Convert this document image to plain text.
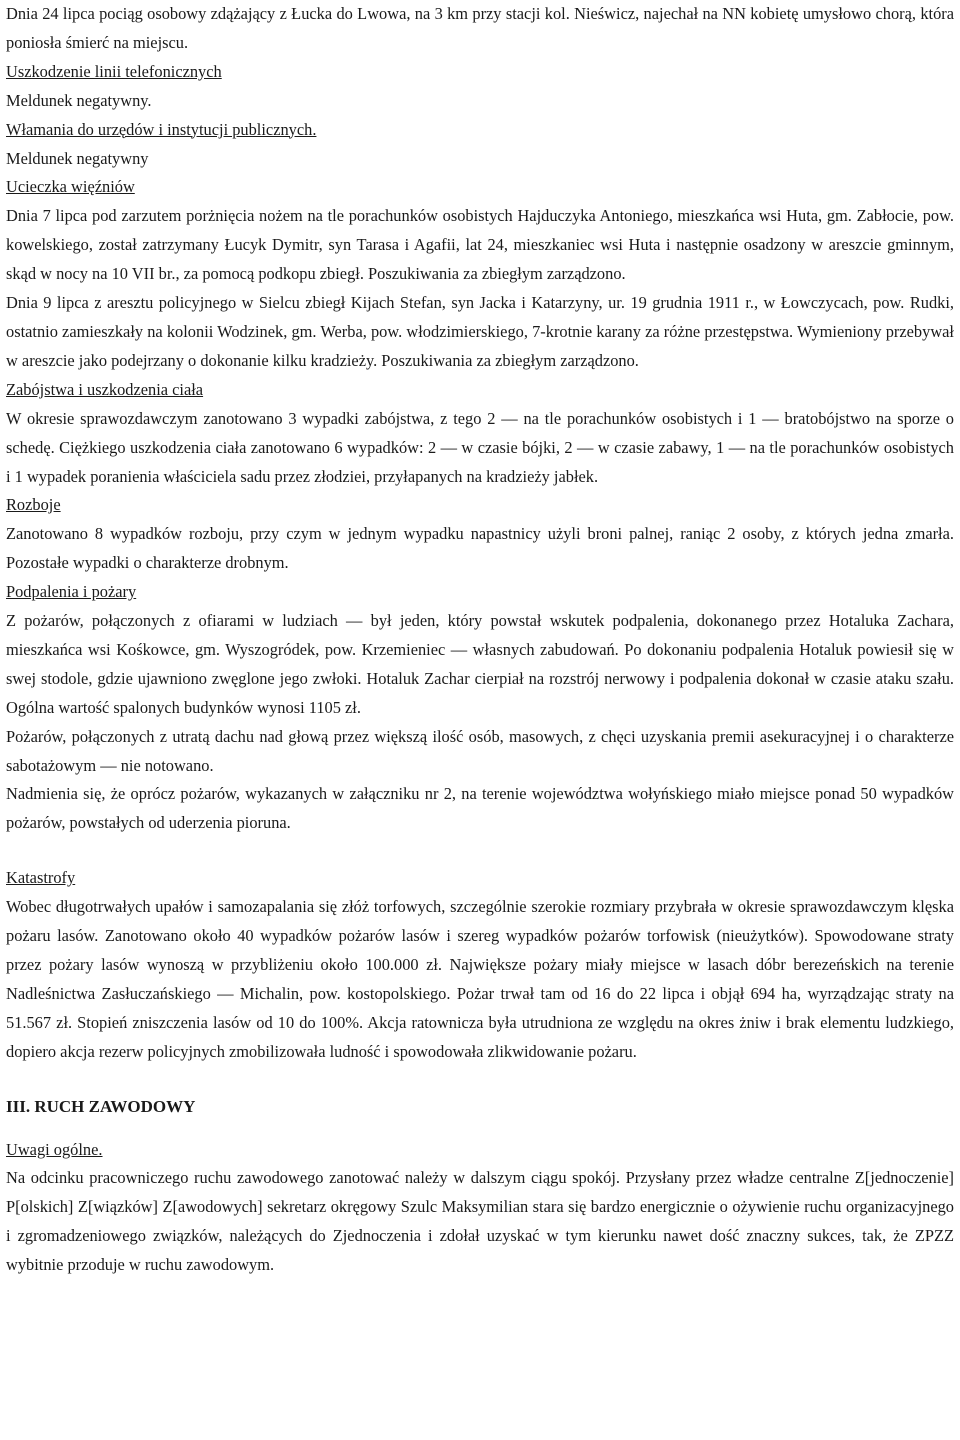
Dnia 24 lipca pociąg osobowy zdążający z Łucka do Lwowa, na 3 km przy stacji kol. Nieświcz, najechał na NN kobietę umysłowo chorą, która poniosła śmierć na miejscu.

Uszkodzenie linii telefonicznych
Meldunek negatywny.
Włamania do urzędów i instytucji publicznych.
Meldunek negatywny
Ucieczka więźniów

Dnia 7 lipca pod zarzutem porżnięcia nożem na tle porachunków osobistych Hajduczyka Antoniego, mieszkańca wsi Huta, gm. Zabłocie, pow. kowelskiego, został zatrzymany Łucyk Dymitr, syn Tarasa i Agafii, lat 24, mieszkaniec wsi Huta i następnie osadzony w areszcie gminnym, skąd w nocy na 10 VII br., za pomocą podkopu zbiegł. Poszukiwania za zbiegłym zarządzono.

Dnia 9 lipca z aresztu policyjnego w Sielcu zbiegł Kijach Stefan, syn Jacka i Katarzyny, ur. 19 grudnia 1911 r., w Łowczycach, pow. Rudki, ostatnio zamieszkały na kolonii Wodzinek, gm. Werba, pow. włodzimierskiego, 7-krotnie karany za różne przestępstwa. Wymieniony przebywał w areszcie jako podejrzany o dokonanie kilku kradzieży. Poszukiwania za zbiegłym zarządzono.

Zabójstwa i uszkodzenia ciała

W okresie sprawozdawczym zanotowano 3 wypadki zabójstwa, z tego 2 — na tle porachunków osobistych i 1 — bratobójstwo na sporze o schedę. Ciężkiego uszkodzenia ciała zanotowano 6 wypadków: 2 — w czasie bójki, 2 — w czasie zabawy, 1 — na tle porachunków osobistych i 1 wypadek poranienia właściciela sadu przez złodziei, przyłapanych na kradzieży jabłek.

Rozboje

Zanotowano 8 wypadków rozboju, przy czym w jednym wypadku napastnicy użyli broni palnej, raniąc 2 osoby, z których jedna zmarła. Pozostałe wypadki o charakterze drobnym.

Podpalenia i pożary

Z pożarów, połączonych z ofiarami w ludziach — był jeden, który powstał wskutek podpalenia, dokonanego przez Hotaluka Zachara, mieszkańca wsi Kośkowce, gm. Wyszogródek, pow. Krzemieniec — własnych zabudowań. Po dokonaniu podpalenia Hotaluk powiesił się w swej stodole, gdzie ujawniono zwęglone jego zwłoki. Hotaluk Zachar cierpiał na rozstrój nerwowy i podpalenia dokonał w czasie ataku szału. Ogólna wartość spalonych budynków wynosi 1105 zł.

Pożarów, połączonych z utratą dachu nad głową przez większą ilość osób, masowych, z chęci uzyskania premii asekuracyjnej i o charakterze sabotażowym — nie notowano.

Nadmienia się, że oprócz pożarów, wykazanych w załączniku nr 2, na terenie województwa wołyńskiego miało miejsce ponad 50 wypadków pożarów, powstałych od uderzenia pioruna.

Katastrofy

Wobec długotrwałych upałów i samozapalania się złóż torfowych, szczególnie szerokie rozmiary przybrała w okresie sprawozdawczym klęska pożaru lasów. Zanotowano około 40 wypadków pożarów lasów i szereg wypadków pożarów torfowisk (nieużytków). Spowodowane straty przez pożary lasów wynoszą w przybliżeniu około 100.000 zł. Największe pożary miały miejsce w lasach dóbr berezeńskich na terenie Nadleśnictwa Zasłuczańskiego — Michalin, pow. kostopolskiego. Pożar trwał tam od 16 do 22 lipca i objął 694 ha, wyrządzając straty na 51.567 zł. Stopień zniszczenia lasów od 10 do 100%. Akcja ratownicza była utrudniona ze względu na okres żniw i brak elementu ludzkiego, dopiero akcja rezerw policyjnych zmobilizowała ludność i spowodowała zlikwidowanie pożaru.

III. RUCH ZAWODOWY
Uwagi ogólne.

Na odcinku pracowniczego ruchu zawodowego zanotować należy w dalszym ciągu spokój. Przysłany przez władze centralne Z[jednoczenie] P[olskich] Z[wiązków] Z[awodowych] sekretarz okręgowy Szulc Maksymilian stara się bardzo energicznie o ożywienie ruchu organizacyjnego i zgromadzeniowego związków, należących do Zjednoczenia i zdołał uzyskać w tym kierunku nawet dość znaczny sukces, tak, że ZPZZ wybitnie przoduje w ruchu zawodowym.
